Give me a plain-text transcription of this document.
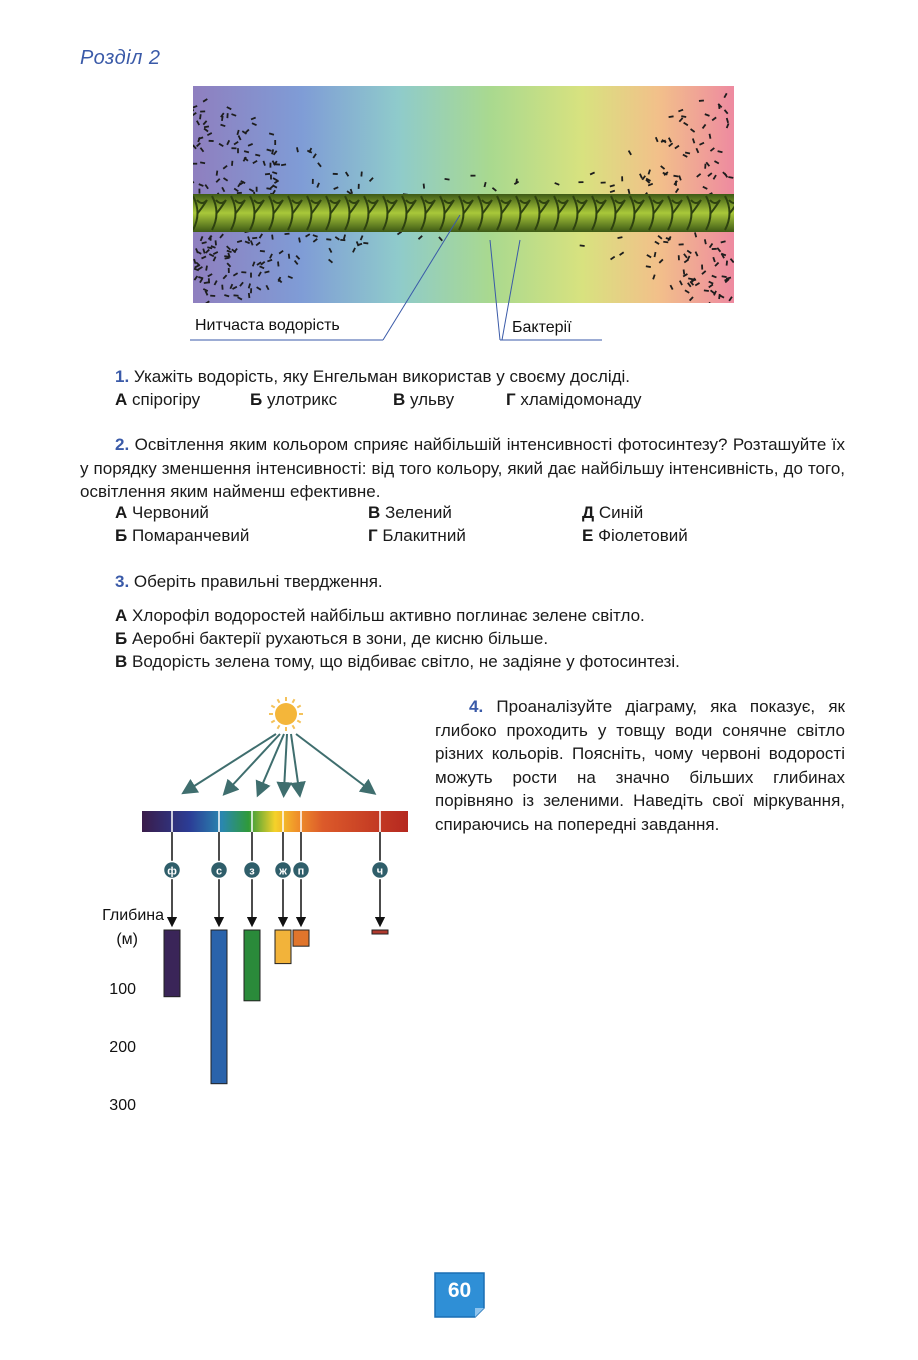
Розділ 2
Нитчаста водорість	Бактерії
1. Укажіть водорість, яку Енгельман використав у своєму досліді.
А спірогіру	Б улотрикс	В ульву	Г хламідомонаду
2. Освітлення яким кольором сприяє найбільшій інтенсивності фотосинтезу? Розташуйте їх у порядку зменшення інтенсивності: від того кольору, який дає найбільшу інтенсивність, до того, освітлення яким найменш ефективне.
А Червоний	В Зелений	Д Синій
Б Помаранчевий	Г Блакитний	Е Фіолетовий
3. Оберіть правильні твердження.
А Хлорофіл водоростей найбільш активно поглинає зелене світло.
Б Аеробні бактерії рухаються в зони, де кисню більше.
В Водорість зелена тому, що відбиває світло, не задіяне у фотосинтезі.
4. Проаналізуйте діаграму, яка показує, як глибоко проходить у товщу води сонячне світло різних кольорів. Поясніть, чому червоні водорості можуть рости на значно більших глибинах порівняно із зеленими. Наведіть свої міркування, спираючись на попередні завдання.
Глибина
(м)
100
200
300
ф	с з ж п	ч
60
